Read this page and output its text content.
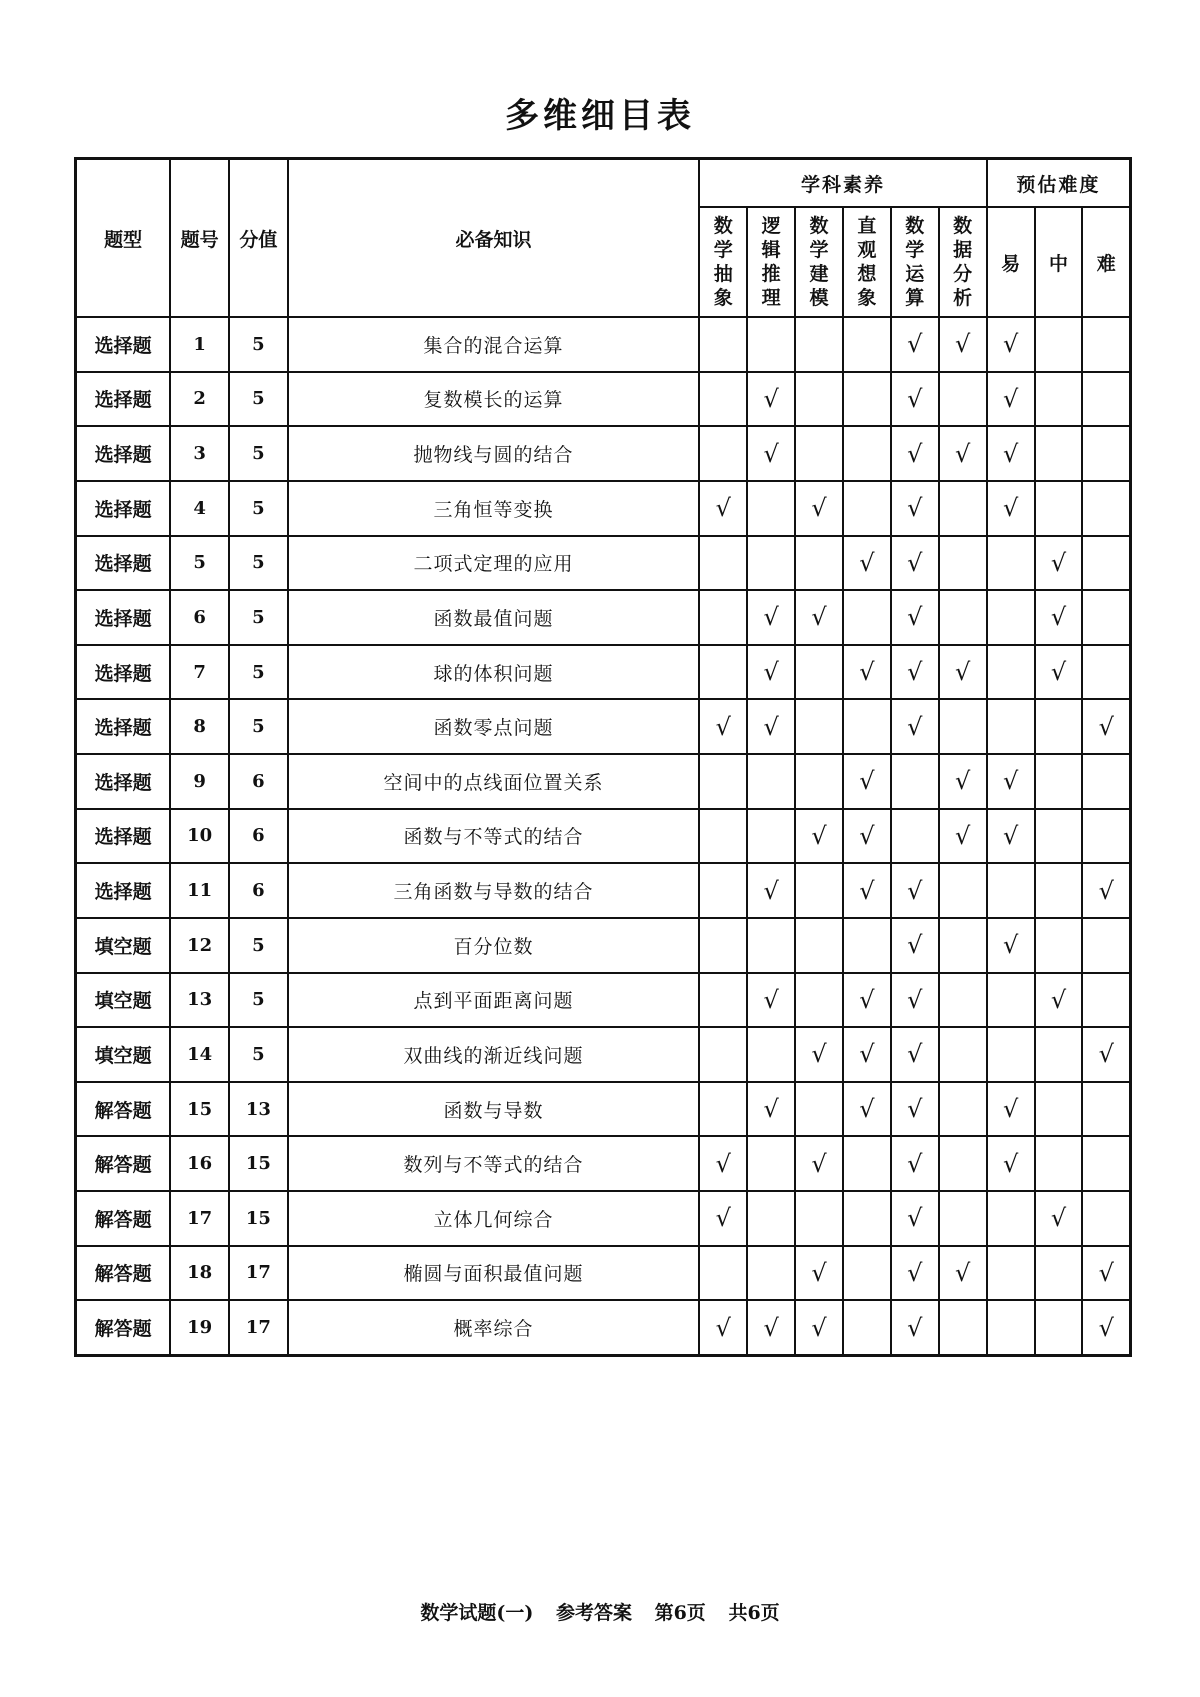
多维细目表
题型	题号	分值	必备知识	学科素养						预估难度		
				数学抽象	逻辑推理	数学建模	直观想象	数学运算	数据分析	易	中	难
选择题	1	5	集合的混合运算					√	√	√		
选择题	2	5	复数模长的运算		√			√		√		
选择题	3	5	抛物线与圆的结合		√			√	√	√		
选择题	4	5	三角恒等变换	√		√		√		√		
选择题	5	5	二项式定理的应用				√	√			√	
选择题	6	5	函数最值问题		√	√		√			√	
选择题	7	5	球的体积问题		√		√	√	√		√	
选择题	8	5	函数零点问题	√	√			√				√
选择题	9	6	空间中的点线面位置关系				√		√	√		
选择题	10	6	函数与不等式的结合			√	√		√	√		
选择题	11	6	三角函数与导数的结合		√		√	√				√
填空题	12	5	百分位数					√		√		
填空题	13	5	点到平面距离问题		√		√	√			√	
填空题	14	5	双曲线的渐近线问题			√	√	√				√
解答题	15	13	函数与导数		√		√	√		√		
解答题	16	15	数列与不等式的结合	√		√		√		√		
解答题	17	15	立体几何综合	√				√			√	
解答题	18	17	椭圆与面积最值问题			√		√	√			√
解答题	19	17	概率综合	√	√	√		√				√
数学试题(一) 参考答案 第6页 共6页
